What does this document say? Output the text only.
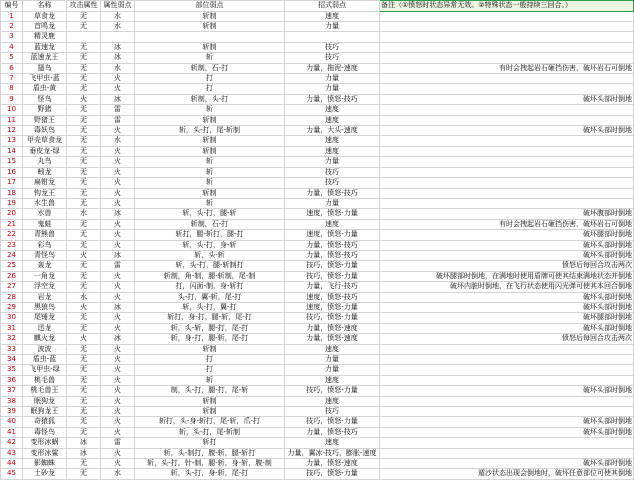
编号	名称	攻击属性	属性弱点	部位弱点	招式弱点	备注（①愤怒时状态异常无效。②特殊状态一般持续三回合。）
1	草食龙	无	水	斩制	速度	
2	首鸣龙	无	水	斩制	力量	
3	精灵鹿					
4	蓝速龙	无	冰	斩制	技巧	
5	蓝速龙王	无	冰	斩	技巧	
6	搔鸟	无	水	斩制，石-打	力量，拖泥-速度	有时会拽起岩石砸挡伤害，破坏岩石可倒地
7	飞甲虫-蓝	无	火	打	力量	
8	盾虫-黄	无	火	打	力量	
9	怪鸟	火	冰	斩制，头-打	力量，愤怒-技巧	破坏头部时倒地
10	野猪	无	雷	斩	速度	
11	野猪王	无	雷	斩制	速度	
12	毒妖鸟	无	火	斩，头-打，尾-斩制	力量，大头-速度	破坏头部时倒地
13	甲壳草食龙	无	水	斩制	速度	
14	垂皮龙-绿	无	火	斩制	速度	
15	丸鸟	无	火	斩	力量	
16	蚓龙	无	火	斩	技巧	
17	扁钳龙	无	火	斩	技巧	
18	钩龙王	无	火	斩制	力量，愤怒-技巧	
19	水生兽	无	火	斩	力量	
20	水兽	水	冰	斩，头-打，腿-斩	速度，愤怒-力量	破坏腹部时倒地
21	鬼蛙	无	火	斩制，石-打	速度	有时会拽起岩石砸挡伤害，破坏岩石可倒地
22	青熊兽	无	火	斩打，腿-斩打，腿-打	速度，愤怒-力量	破坏腿部时倒地
23	彩鸟	无	火	斩，头-打，身-斩	力量，愤怒-技巧	破坏头部时倒地
24	青怪鸟	火	冰	斩，头-斩	力量，愤怒-技巧	破坏头部时倒地
25	轰龙	无	雷	斩，头-打，腿-斩制打	技巧，愤怒-力量	愤怒后每回合攻击两次
26	一角龙	无	火	斩制，角-制，腿-斩制，尾-制	技巧，愤怒-力量	破坏腿部时倒地，在满地时使用盾牌可使其结束满地状态并倒地
27	浮空龙	无	火	打，闪面-制，身-斩打	力量，飞行-技巧	破坏内脏时倒地，在飞行状态使用闪光弹可使其本回合倒地
28	岩龙	水	火	头-打，翼-斩，尾-打	速度，愤怒-技巧	破坏头部时倒地
29	黑狼鸟	火	冰	斩，头-打，翼-打	速度，愤怒-力量	破坏头部时倒地
30	尾锤龙	无	火	斩打，身-打，腿-斩，尾-打	技巧，愤怒-力量	破坏腿部时倒地
31	迅龙	无	火	斩，头-斩，腿-打，尾-打	力量，愤怒-速度	破坏头部时倒地
32	麒火龙	火	冰	斩，身-打，腿-斩，尾-打	力量，愤怒-速度	愤怒后每回合攻击两次
33	波波	无	火	斩制	速度	
34	盾虫-蓝	无	火	打	力量	
35	飞甲虫-绿	无	火	打	力量	
36	桃毛兽	无	火	斩	速度	
37	桃毛兽王	无	火	制，头-打，腿-打，尾-斩	技巧，愤怒-力量	破坏头部时倒地
38	眠狗龙	无	火	斩制	速度	
39	眠狗龙王	无	火	斩制	技巧	
40	奇猿狐	无	火	斩打，头-身-斩打，尾-斩，爪-打	技巧，愤怒-力量	破坏头部时倒地
41	毒怪鸟	无	火	斩，头-打，尾-斩制	力量，愤怒-技巧	破坏头部时倒地
42	变形冰蜗	冰	雷	斩打	速度	
43	变形冰鲨	冰	火	斩，头-制打，腹-斩，腿-斩打	力量，翼冰-技巧，膨胀-速度	
44	影蜘蛛	无	火	斩，头-打，针-制，腿-斩，身-斩，腹-制	力量，愤怒-速度	破坏头部时倒地
45	土砂龙	无	水	斩，头-打，身-斩，尾-打	技巧，愤怒-力量	遁沙状态出现会倒地时，破坏任意部位可使其倒地
